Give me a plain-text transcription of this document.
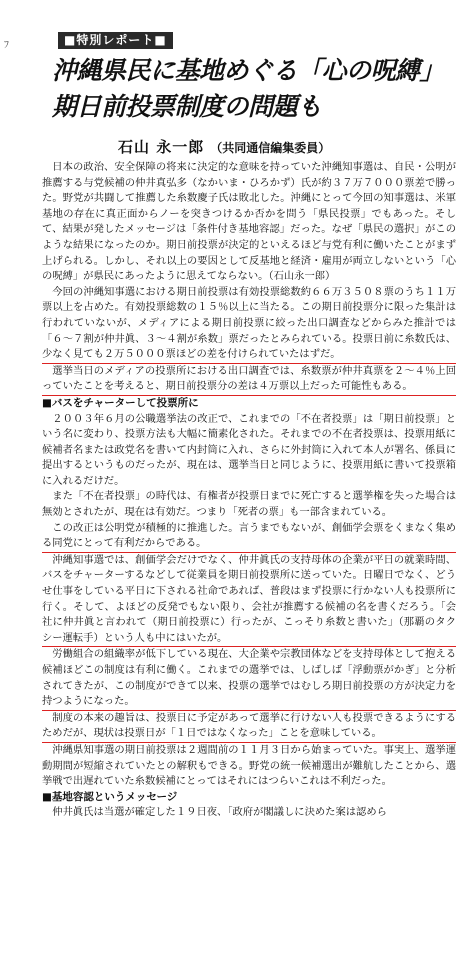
ﾌ	■特別レポート■
沖縄県民に基地めぐる「心の呪縛」
期日前投票制度の問題も
石山 永一郎 （共同通信編集委員）

日本の政治、安全保障の将来に決定的な意味を持っていた沖縄知事選は、自民・公明が推薦する与党候補の仲井真弘多（なかいま・ひろかず）氏が約３７万７０００票差で勝った。野党が共闘して推薦した糸数慶子氏は敗北した。沖縄にとって今回の知事選は、米軍基地の存在に真正面からノーを突きつけるか否かを問う「県民投票」でもあった。そして、結果が発したメッセージは「条件付き基地容認」だった。なぜ「県民の選択」がこのような結果になったのか。期日前投票が決定的といえるほど与党有利に働いたことがまず上げられる。しかし、それ以上の要因として反基地と経済・雇用が両立しないという「心の呪縛」が県民にあったように思えてならない。（石山永一郎）

今回の沖縄知事選における期日前投票は有効投票総数約６６万３５０８票のうち１１万票以上を占めた。有効投票総数の１５％以上に当たる。この期日前投票分に限った集計は行われていないが、メディアによる期日前投票に絞った出口調査などからみた推計では「６〜７割が仲井眞、３〜４割が糸数」票だったとみられている。投票日前に糸数氏は、少なく見ても２万５０００票ほどの差を付けられていたはずだ。

選挙当日のメディアの投票所における出口調査では、糸数票が仲井真票を２〜４％上回っていたことを考えると、期日前投票分の差は４万票以上だった可能性もある。

■バスをチャーターして投票所に

２００３年６月の公職選挙法の改正で、これまでの「不在者投票」は「期日前投票」という名に変わり、投票方法も大幅に簡素化された。それまでの不在者投票は、投票用紙に候補者名または政党名を書いて内封筒に入れ、さらに外封筒に入れて本人が署名、係員に提出するというものだったが、現在は、選挙当日と同じように、投票用紙に書いて投票箱に入れるだけだ。

また「不在者投票」の時代は、有権者が投票日までに死亡すると選挙権を失った場合は無効とされたが、現在は有効だ。つまり「死者の票」も一部含まれている。

この改正は公明党が積極的に推進した。言うまでもないが、創価学会票をくまなく集める同党にとって有利だからである。

沖縄知事選では、創価学会だけでなく、仲井眞氏の支持母体の企業が平日の就業時間、バスをチャーターするなどして従業員を期日前投票所に送っていた。日曜日でなく、どうせ仕事をしている平日に下される社命であれば、普段はまず投票に行かない人も投票所に行く。そして、よほどの反発でもない限り、会社が推薦する候補の名を書くだろう。「会社に仲井眞と言われて（期日前投票に）行ったが、こっそり糸数と書いた」（那覇のタクシー運転手）という人も中にはいたが。

労働組合の組織率が低下している現在、大企業や宗教団体などを支持母体として抱える候補ほどこの制度は有利に働く。これまでの選挙では、しばしば「浮動票がかぎ」と分析されてきたが、この制度ができて以来、投票の選挙ではむしろ期日前投票の方が決定力を持つようになった。

制度の本来の趣旨は、投票日に予定があって選挙に行けない人も投票できるようにするためだが、現状は投票日が「１日ではなくなった」ことを意味している。

沖縄県知事選の期日前投票は２週間前の１１月３日から始まっていた。事実上、選挙運動期間が短縮されていたとの解釈もできる。野党の統一候補選出が難航したことから、選挙戦で出遅れていた糸数候補にとってはそれにはつらいこれは不利だった。

■基地容認というメッセージ

仲井眞氏は当選が確定した１９日夜、「政府が閣議しに決めた案は認めら
